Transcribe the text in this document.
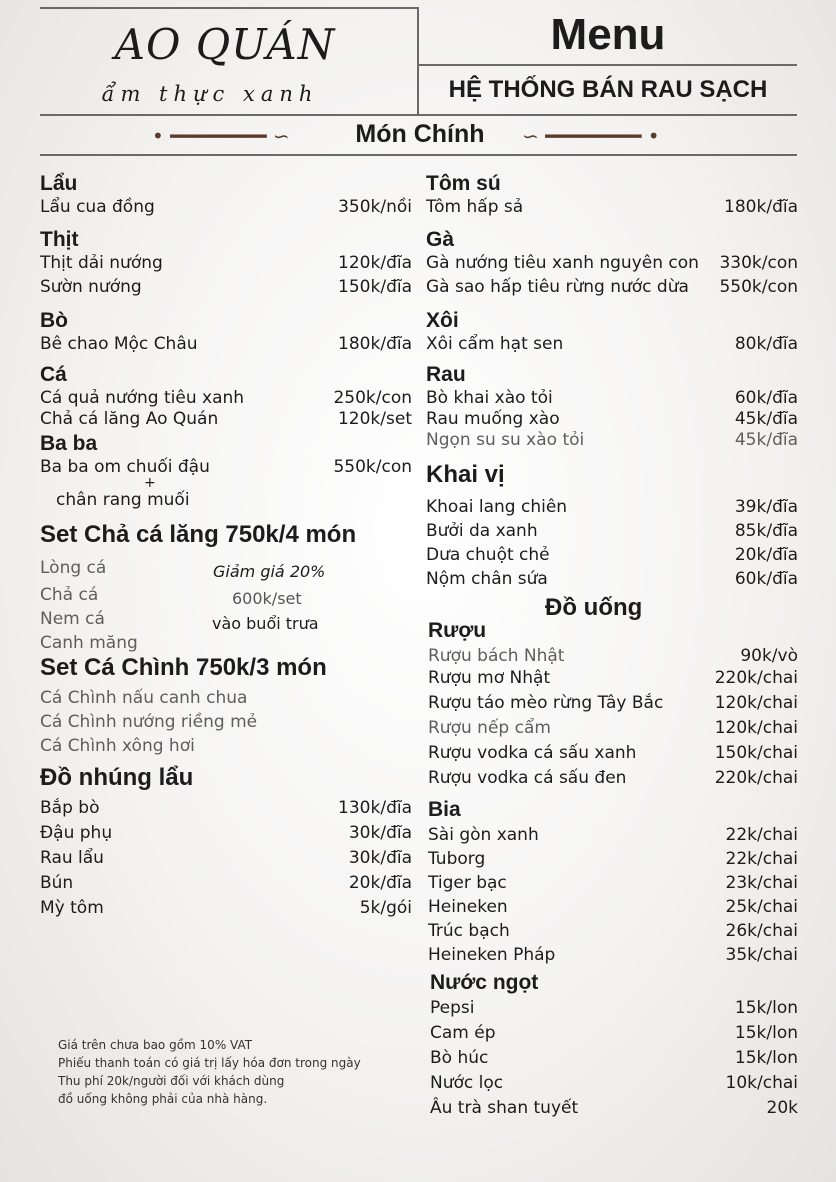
AO QUÁN
ẩm thực xanh
Menu
HỆ THỐNG BÁN RAU SẠCH
• ━━━━━━━━ ∽	Món Chính	∽ ━━━━━━━━ •
Lẩu
Lẩu cua đồng	350k/nồi
Thịt
Thịt dải nướng	120k/đĩa
Sườn nướng	150k/đĩa
Bò
Bê chao Mộc Châu	180k/đĩa
Cá
Cá quả nướng tiêu xanh	250k/con
Chả cá lăng Ao Quán	120k/set
Ba ba
Ba ba om chuối đậu	550k/con
+
chân rang muối
Set Chả cá lăng 750k/4 món
Lòng cá
Chả cá
Nem cá
Canh măng
Giảm giá 20%
600k/set
vào buổi trưa
Set Cá Chình 750k/3 món
Cá Chình nấu canh chua
Cá Chình nướng riềng mẻ
Cá Chình xông hơi
Đồ nhúng lẩu
Bắp bò	130k/đĩa
Đậu phụ	30k/đĩa
Rau lẩu	30k/đĩa
Bún	20k/đĩa
Mỳ tôm	5k/gói
Giá trên chưa bao gồm 10% VAT
Phiếu thanh toán có giá trị lấy hóa đơn trong ngày
Thu phí 20k/người đối với khách dùng
đồ uống không phải của nhà hàng.
Tôm sú
Tôm hấp sả	180k/đĩa
Gà
Gà nướng tiêu xanh nguyên con 330k/con
Gà sao hấp tiêu rừng nước dừa 550k/con
Xôi
Xôi cẩm hạt sen	80k/đĩa
Rau
Bò khai xào tỏi	60k/đĩa
Rau muống xào	45k/đĩa
Ngọn su su xào tỏi	45k/đĩa
Khai vị
Khoai lang chiên	39k/đĩa
Bưởi da xanh	85k/đĩa
Dưa chuột chẻ	20k/đĩa
Nộm chân sứa	60k/đĩa
Đồ uống
Rượu
Rượu bách Nhật	90k/vò
Rượu mơ Nhật	220k/chai
Rượu táo mèo rừng Tây Bắc	120k/chai
Rượu nếp cẩm	120k/chai
Rượu vodka cá sấu xanh	150k/chai
Rượu vodka cá sấu đen	220k/chai
Bia
Sài gòn xanh	22k/chai
Tuborg	22k/chai
Tiger bạc	23k/chai
Heineken	25k/chai
Trúc bạch	26k/chai
Heineken Pháp	35k/chai
Nước ngọt
Pepsi	15k/lon
Cam ép	15k/lon
Bò húc	15k/lon
Nước lọc	10k/chai
Âu trà shan tuyết	20k
